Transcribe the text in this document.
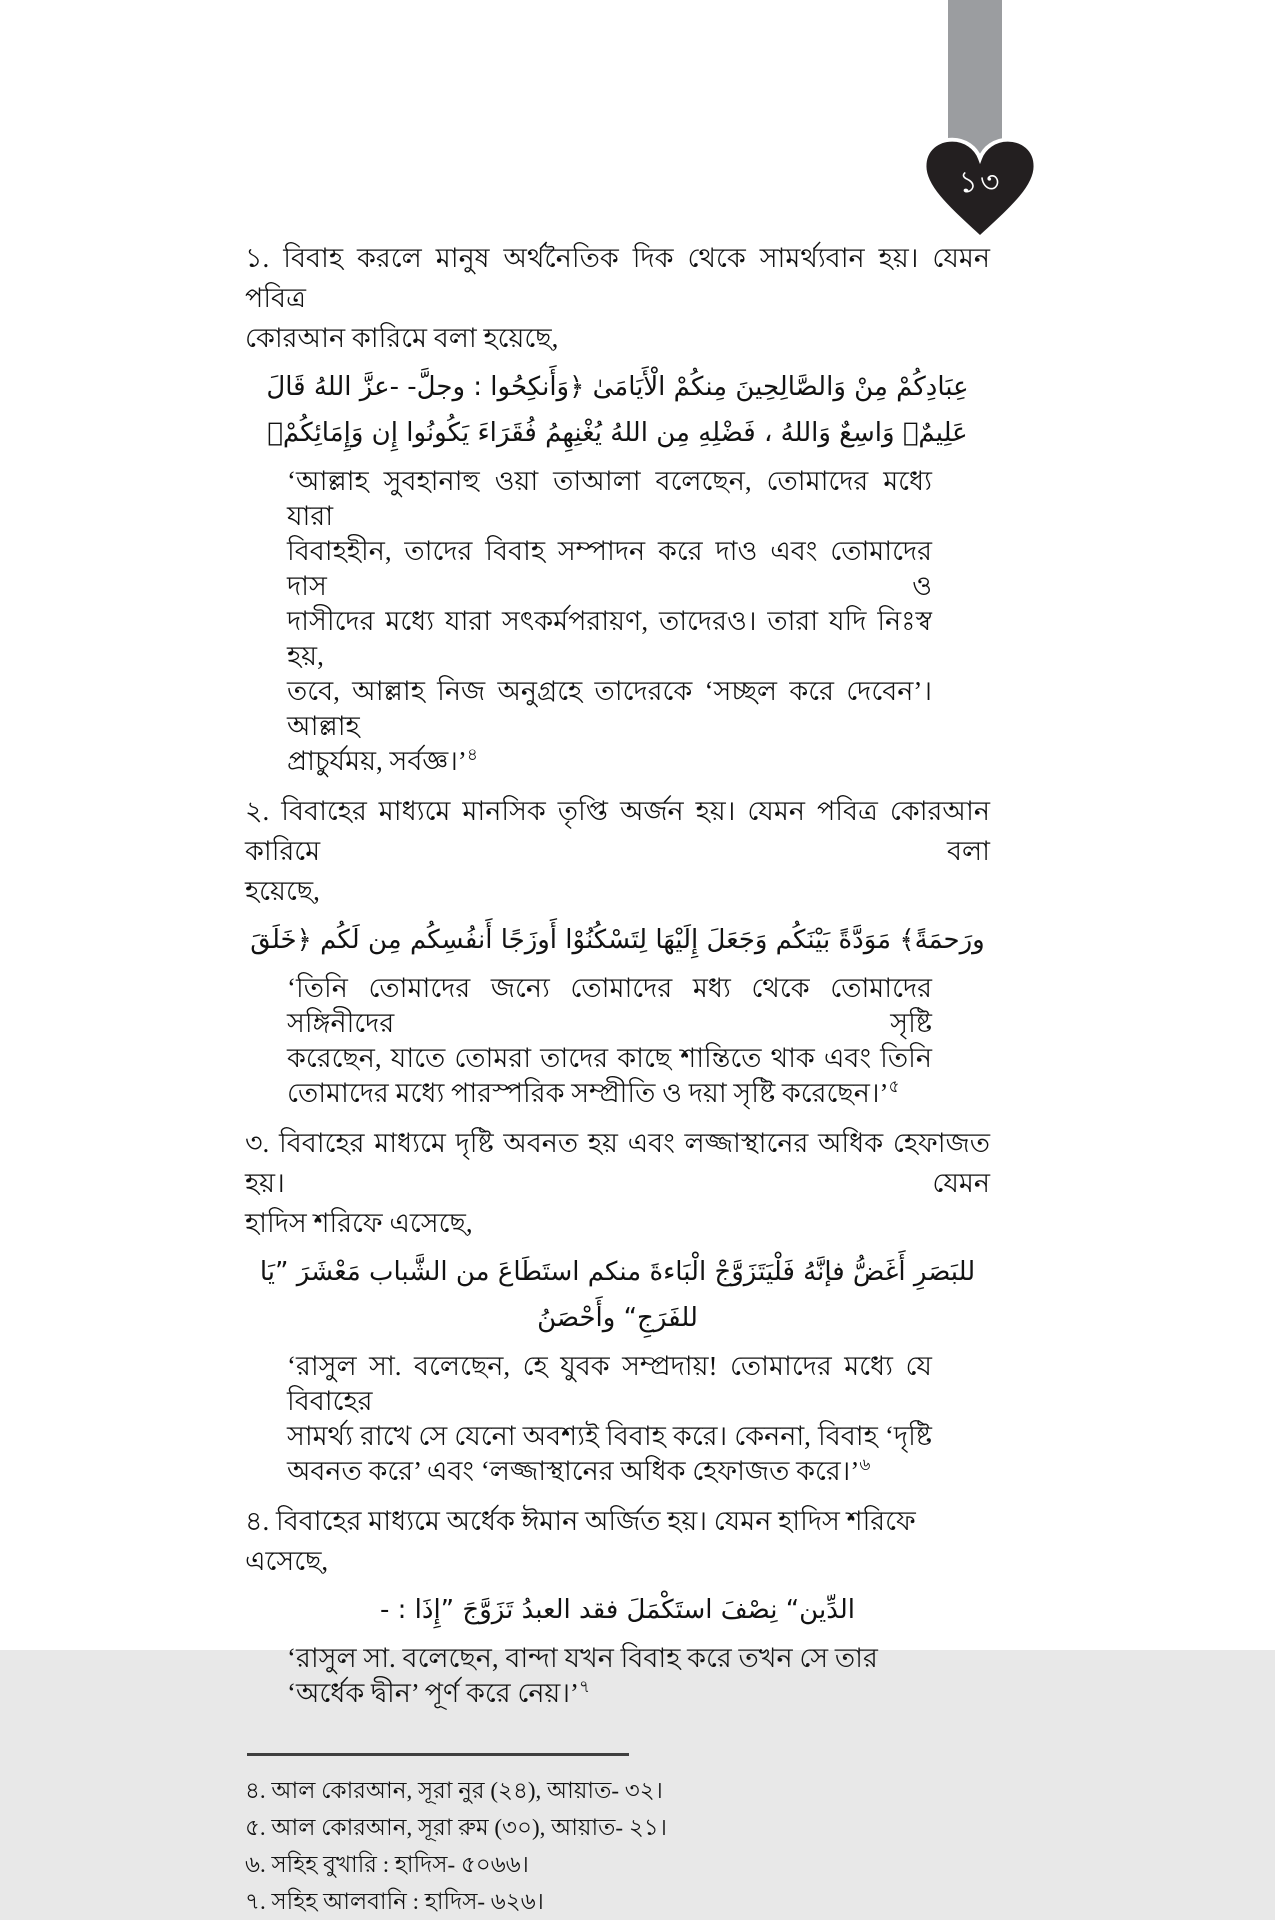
১৩
১. বিবাহ করলে মানুষ অর্থনৈতিক দিক থেকে সামর্থ্যবান হয়। যেমন পবিত্র
কোরআন কারিমে বলা হয়েছে,
عِبَادِكُمْ مِنْ وَالصَّالِحِينَ مِنكُمْ الْأَيَامَىٰ ﴿وَأَنكِحُوا : وجلَّ- -عزَّ اللهُ قَالَ
عَلِيمٌ﴾ وَاسِعٌ وَاللهُ ، فَضْلِهِ مِن اللهُ يُغْنِهِمُ فُقَرَاءَ يَكُونُوا إِن وَإِمَائِكُمْۚ
‘আল্লাহ সুবহানাহু ওয়া তাআলা বলেছেন, তোমাদের মধ্যে যারা
বিবাহহীন, তাদের বিবাহ সম্পাদন করে দাও এবং তোমাদের দাস ও
দাসীদের মধ্যে যারা সৎকর্মপরায়ণ, তাদেরও। তারা যদি নিঃস্ব হয়,
তবে, আল্লাহ নিজ অনুগ্রহে তাদেরকে ‘সচ্ছল করে দেবেন’। আল্লাহ
প্রাচুর্যময়, সর্বজ্ঞ।’$^৪$
২. বিবাহের মাধ্যমে মানসিক তৃপ্তি অর্জন হয়। যেমন পবিত্র কোরআন কারিমে বলা
হয়েছে,
ورَحمَةً﴾ مَوَدَّةً بَيْنَكُم وَجَعَلَ إِلَيْهَا لِتَسْكُنُوْا أَوزَجًا أَنفُسِكُم مِن لَكُم ﴿خَلَقَ
‘তিনি তোমাদের জন্যে তোমাদের মধ্য থেকে তোমাদের সঙ্গিনীদের সৃষ্টি
করেছেন, যাতে তোমরা তাদের কাছে শান্তিতে থাক এবং তিনি
তোমাদের মধ্যে পারস্পরিক সম্প্রীতি ও দয়া সৃষ্টি করেছেন।’$^৫$
৩. বিবাহের মাধ্যমে দৃষ্টি অবনত হয় এবং লজ্জাস্থানের অধিক হেফাজত হয়। যেমন
হাদিস শরিফে এসেছে,
للبَصَرِ أَغَضُّ فإنَّهُ فَلْيَتَزَوَّجْ الْبَاءةَ منكم استَطَاعَ من الشَّباب مَعْشَرَ ”يَا
للفَرَجِ“ وأَحْصَنُ
‘রাসুল সা. বলেছেন, হে যুবক সম্প্রদায়! তোমাদের মধ্যে যে বিবাহের
সামর্থ্য রাখে সে যেনো অবশ্যই বিবাহ করে। কেননা, বিবাহ ‘দৃষ্টি
অবনত করে’ এবং ‘লজ্জাস্থানের অধিক হেফাজত করে।’$^৬$
৪. বিবাহের মাধ্যমে অর্ধেক ঈমান অর্জিত হয়। যেমন হাদিস শরিফে এসেছে,
الدِّين“ نِصْفَ استَكْمَلَ فقد العبدُ تَزَوَّجَ ”إِذَا : -
‘রাসুল সা. বলেছেন, বান্দা যখন বিবাহ করে তখন সে তার
‘অর্ধেক দ্বীন’ পূর্ণ করে নেয়।’$^৭$
৪. আল কোরআন, সূরা নুর (২৪), আয়াত- ৩২।
৫. আল কোরআন, সূরা রুম (৩০), আয়াত- ২১।
৬. সহিহ বুখারি : হাদিস- ৫০৬৬।
৭. সহিহ আলবানি : হাদিস- ৬২৬।
